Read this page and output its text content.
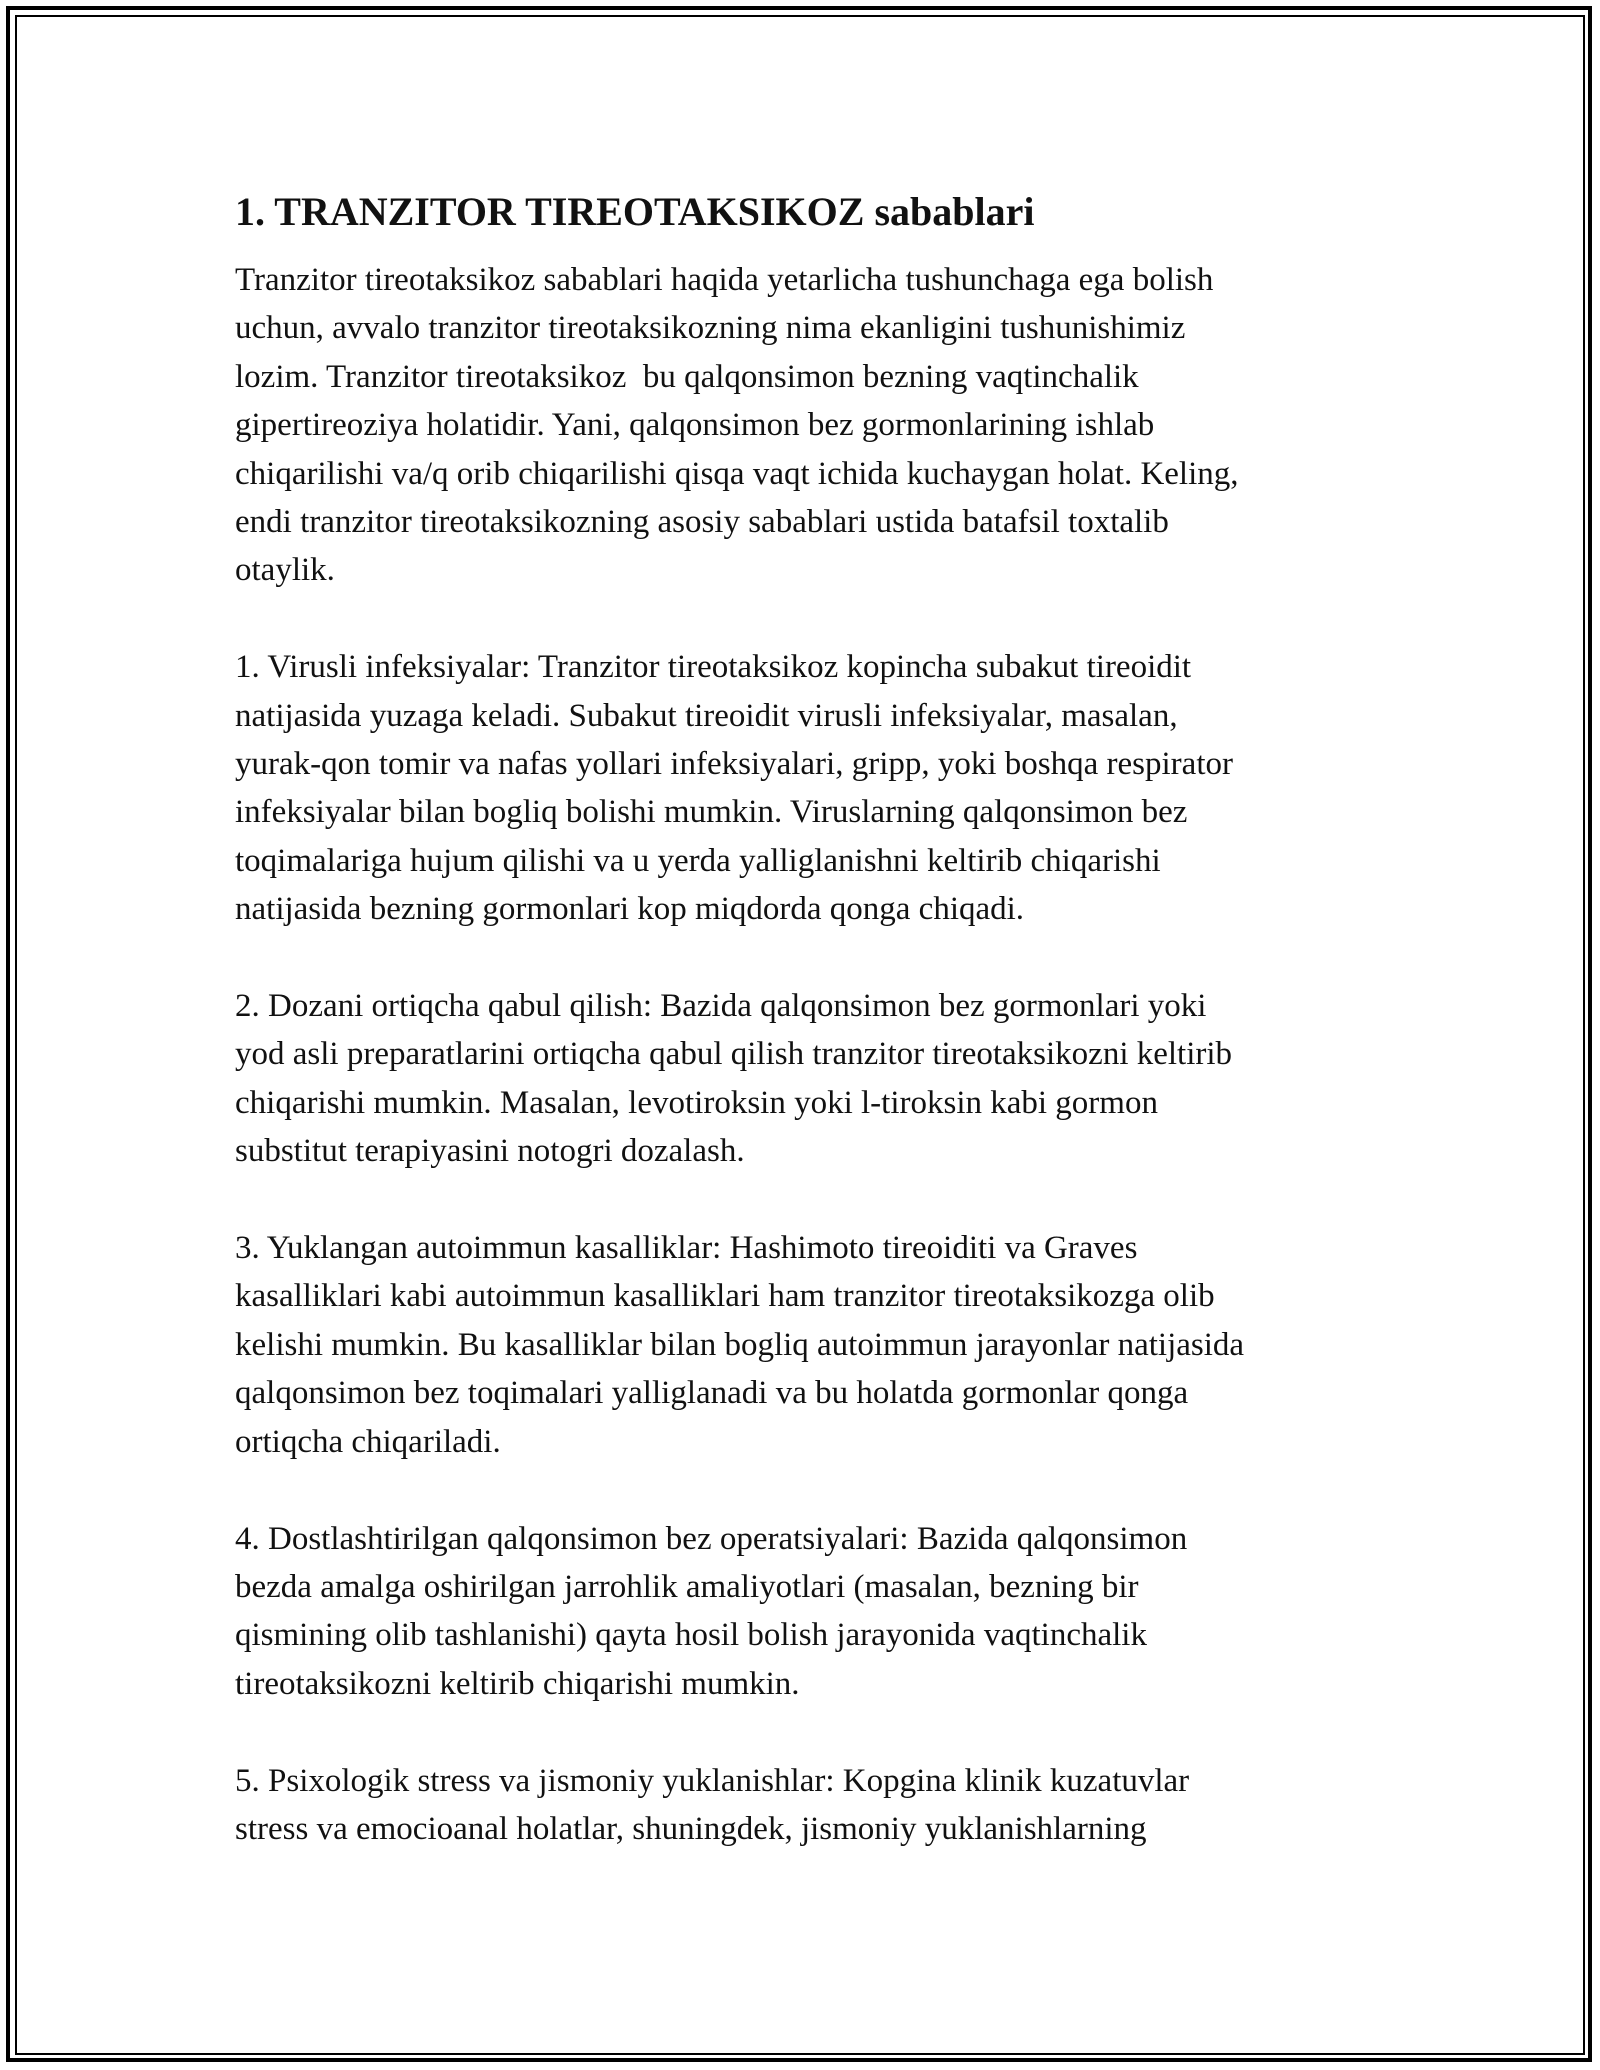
1. TRANZITOR TIREOTAKSIKOZ sabablari

Tranzitor tireotaksikoz sabablari haqida yetarlicha tushunchaga ega bolish
uchun, avvalo tranzitor tireotaksikozning nima ekanligini tushunishimiz
lozim. Tranzitor tireotaksikoz  bu qalqonsimon bezning vaqtinchalik
gipertireoziya holatidir. Yani, qalqonsimon bez gormonlarining ishlab
chiqarilishi va/q orib chiqarilishi qisqa vaqt ichida kuchaygan holat. Keling,
endi tranzitor tireotaksikozning asosiy sabablari ustida batafsil toxtalib
otaylik.

1. Virusli infeksiyalar: Tranzitor tireotaksikoz kopincha subakut tireoidit
natijasida yuzaga keladi. Subakut tireoidit virusli infeksiyalar, masalan,
yurak-qon tomir va nafas yollari infeksiyalari, gripp, yoki boshqa respirator
infeksiyalar bilan bogliq bolishi mumkin. Viruslarning qalqonsimon bez
toqimalariga hujum qilishi va u yerda yalliglanishni keltirib chiqarishi
natijasida bezning gormonlari kop miqdorda qonga chiqadi.

2. Dozani ortiqcha qabul qilish: Bazida qalqonsimon bez gormonlari yoki
yod asli preparatlarini ortiqcha qabul qilish tranzitor tireotaksikozni keltirib
chiqarishi mumkin. Masalan, levotiroksin yoki l-tiroksin kabi gormon
substitut terapiyasini notogri dozalash.

3. Yuklangan autoimmun kasalliklar: Hashimoto tireoiditi va Graves
kasalliklari kabi autoimmun kasalliklari ham tranzitor tireotaksikozga olib
kelishi mumkin. Bu kasalliklar bilan bogliq autoimmun jarayonlar natijasida
qalqonsimon bez toqimalari yalliglanadi va bu holatda gormonlar qonga
ortiqcha chiqariladi.

4. Dostlashtirilgan qalqonsimon bez operatsiyalari: Bazida qalqonsimon
bezda amalga oshirilgan jarrohlik amaliyotlari (masalan, bezning bir
qismining olib tashlanishi) qayta hosil bolish jarayonida vaqtinchalik
tireotaksikozni keltirib chiqarishi mumkin.

5. Psixologik stress va jismoniy yuklanishlar: Kopgina klinik kuzatuvlar
stress va emocioanal holatlar, shuningdek, jismoniy yuklanishlarning
